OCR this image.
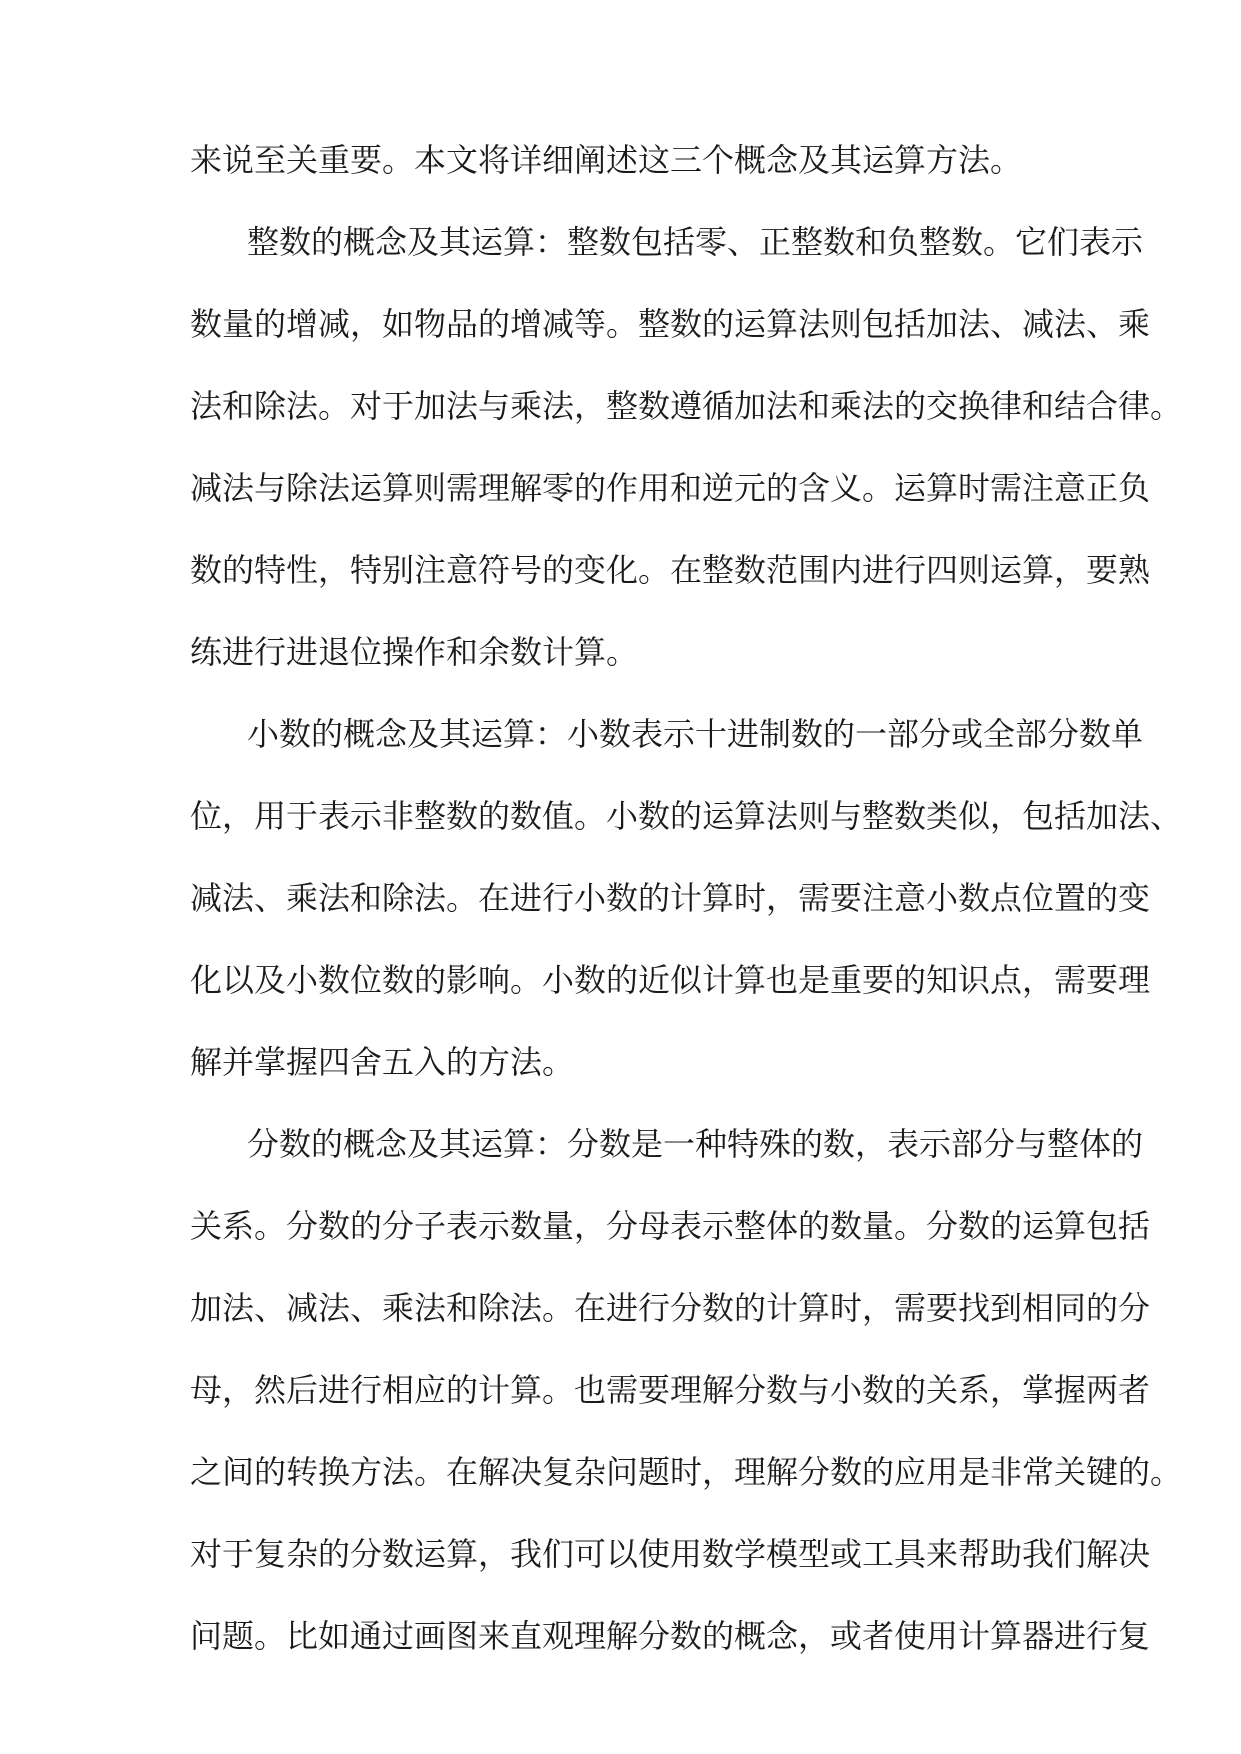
来说至关重要。本文将详细阐述这三个概念及其运算方法。
整数的概念及其运算：整数包括零、正整数和负整数。它们表示
数量的增减，如物品的增减等。整数的运算法则包括加法、减法、乘
法和除法。对于加法与乘法，整数遵循加法和乘法的交换律和结合律。
减法与除法运算则需理解零的作用和逆元的含义。运算时需注意正负
数的特性，特别注意符号的变化。在整数范围内进行四则运算，要熟
练进行进退位操作和余数计算。
小数的概念及其运算：小数表示十进制数的一部分或全部分数单
位，用于表示非整数的数值。小数的运算法则与整数类似，包括加法、
减法、乘法和除法。在进行小数的计算时，需要注意小数点位置的变
化以及小数位数的影响。小数的近似计算也是重要的知识点，需要理
解并掌握四舍五入的方法。
分数的概念及其运算：分数是一种特殊的数，表示部分与整体的
关系。分数的分子表示数量，分母表示整体的数量。分数的运算包括
加法、减法、乘法和除法。在进行分数的计算时，需要找到相同的分
母，然后进行相应的计算。也需要理解分数与小数的关系，掌握两者
之间的转换方法。在解决复杂问题时，理解分数的应用是非常关键的。
对于复杂的分数运算，我们可以使用数学模型或工具来帮助我们解决
问题。比如通过画图来直观理解分数的概念，或者使用计算器进行复
